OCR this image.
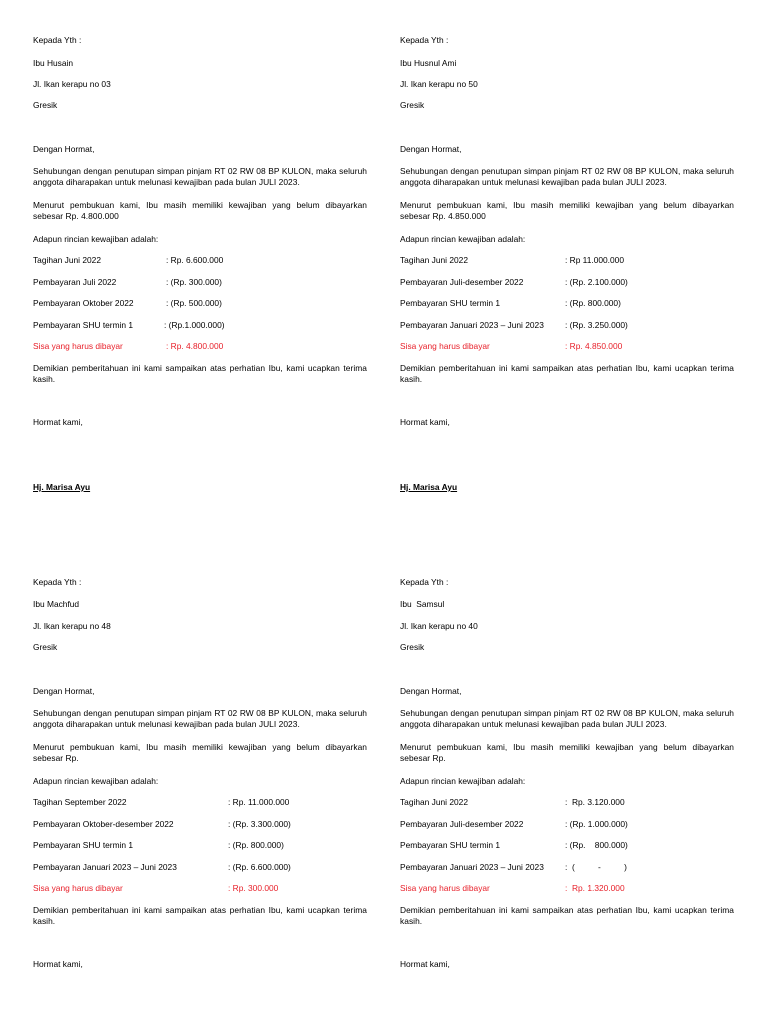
Kepada Yth :
Ibu Husain
Jl. Ikan kerapu no 03
Gresik
Dengan Hormat,
Sehubungan dengan penutupan simpan pinjam RT 02 RW 08 BP KULON, maka seluruh anggota diharapakan untuk melunasi kewajiban pada bulan JULI 2023.
Menurut pembukuan kami, Ibu masih memiliki kewajiban yang belum dibayarkan sebesar Rp. 4.800.000
Adapun rincian kewajiban adalah:
Tagihan Juni 2022	: Rp. 6.600.000
Pembayaran Juli 2022	: (Rp. 300.000)
Pembayaran Oktober 2022	: (Rp. 500.000)
Pembayaran SHU termin 1	: (Rp.1.000.000)
Sisa yang harus dibayar	: Rp. 4.800.000
Demikian pemberitahuan ini kami sampaikan atas perhatian Ibu, kami ucapkan terima kasih.
Hormat kami,
Hj. Marisa Ayu
Kepada Yth :
Ibu Husnul Ami
Jl. Ikan kerapu no 50
Gresik
Dengan Hormat,
Sehubungan dengan penutupan simpan pinjam RT 02 RW 08 BP KULON, maka seluruh anggota diharapakan untuk melunasi kewajiban pada bulan JULI 2023.
Menurut pembukuan kami, Ibu masih memiliki kewajiban yang belum dibayarkan sebesar Rp. 4.850.000
Adapun rincian kewajiban adalah:
Tagihan Juni 2022	: Rp 11.000.000
Pembayaran Juli-desember 2022	: (Rp. 2.100.000)
Pembayaran SHU termin 1	: (Rp. 800.000)
Pembayaran Januari 2023 – Juni 2023	: (Rp. 3.250.000)
Sisa yang harus dibayar	: Rp. 4.850.000
Demikian pemberitahuan ini kami sampaikan atas perhatian Ibu, kami ucapkan terima kasih.
Hormat kami,
Hj. Marisa Ayu
Kepada Yth :
Ibu Machfud
Jl. Ikan kerapu no 48
Gresik
Dengan Hormat,
Sehubungan dengan penutupan simpan pinjam RT 02 RW 08 BP KULON, maka seluruh anggota diharapakan untuk melunasi kewajiban pada bulan JULI 2023.
Menurut pembukuan kami, Ibu masih memiliki kewajiban yang belum dibayarkan sebesar Rp.
Adapun rincian kewajiban adalah:
Tagihan September 2022	: Rp. 11.000.000
Pembayaran Oktober-desember 2022	: (Rp. 3.300.000)
Pembayaran SHU termin 1	: (Rp. 800.000)
Pembayaran Januari 2023 – Juni 2023	: (Rp. 6.600.000)
Sisa yang harus dibayar	: Rp. 300.000
Demikian pemberitahuan ini kami sampaikan atas perhatian Ibu, kami ucapkan terima kasih.
Hormat kami,
Kepada Yth :
Ibu  Samsul
Jl. Ikan kerapu no 40
Gresik
Dengan Hormat,
Sehubungan dengan penutupan simpan pinjam RT 02 RW 08 BP KULON, maka seluruh anggota diharapakan untuk melunasi kewajiban pada bulan JULI 2023.
Menurut pembukuan kami, Ibu masih memiliki kewajiban yang belum dibayarkan sebesar Rp.
Adapun rincian kewajiban adalah:
Tagihan Juni 2022	:  Rp. 3.120.000
Pembayaran Juli-desember 2022	: (Rp. 1.000.000)
Pembayaran SHU termin 1	: (Rp.    800.000)
Pembayaran Januari 2023 – Juni 2023	:  (          -          )
Sisa yang harus dibayar	:  Rp. 1.320.000
Demikian pemberitahuan ini kami sampaikan atas perhatian Ibu, kami ucapkan terima kasih.
Hormat kami,
